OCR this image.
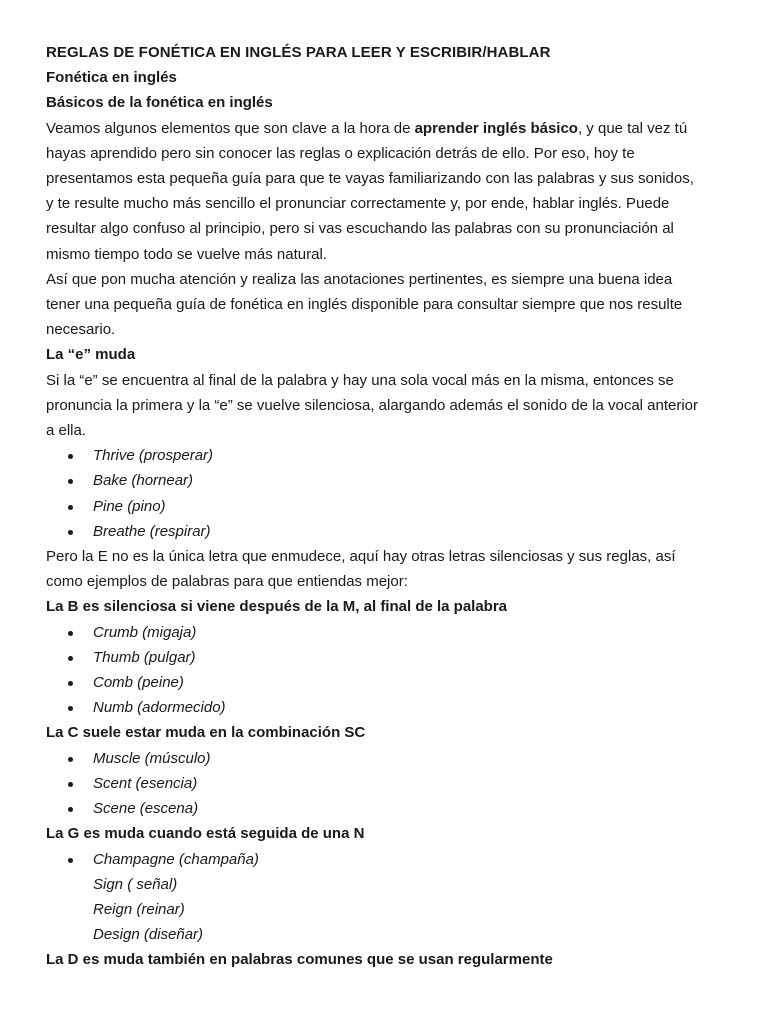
REGLAS DE FONÉTICA EN INGLÉS PARA LEER Y ESCRIBIR/HABLAR
Fonética en inglés
Básicos de la fonética en inglés
Veamos algunos elementos que son clave a la hora de aprender inglés básico, y que tal vez tú
hayas aprendido pero sin conocer las reglas o explicación detrás de ello. Por eso, hoy te
presentamos esta pequeña guía para que te vayas familiarizando con las palabras y sus sonidos,
y te resulte mucho más sencillo el pronunciar correctamente y, por ende, hablar inglés. Puede
resultar algo confuso al principio, pero si vas escuchando las palabras con su pronunciación al
mismo tiempo todo se vuelve más natural.
Así que pon mucha atención y realiza las anotaciones pertinentes, es siempre una buena idea
tener una pequeña guía de fonética en inglés disponible para consultar siempre que nos resulte
necesario.
La “e” muda
Si la “e” se encuentra al final de la palabra y hay una sola vocal más en la misma, entonces se
pronuncia la primera y la “e” se vuelve silenciosa, alargando además el sonido de la vocal anterior
a ella.
Thrive (prosperar)
Bake (hornear)
Pine (pino)
Breathe (respirar)
Pero la E no es la única letra que enmudece, aquí hay otras letras silenciosas y sus reglas, así
como ejemplos de palabras para que entiendas mejor:
La B es silenciosa si viene después de la M, al final de la palabra
Crumb (migaja)
Thumb (pulgar)
Comb (peine)
Numb (adormecido)
La C suele estar muda en la combinación SC
Muscle (músculo)
Scent (esencia)
Scene (escena)
La G es muda cuando está seguida de una N
Champagne (champaña)
Sign ( señal)
Reign (reinar)
Design (diseñar)
La D es muda también en palabras comunes que se usan regularmente
